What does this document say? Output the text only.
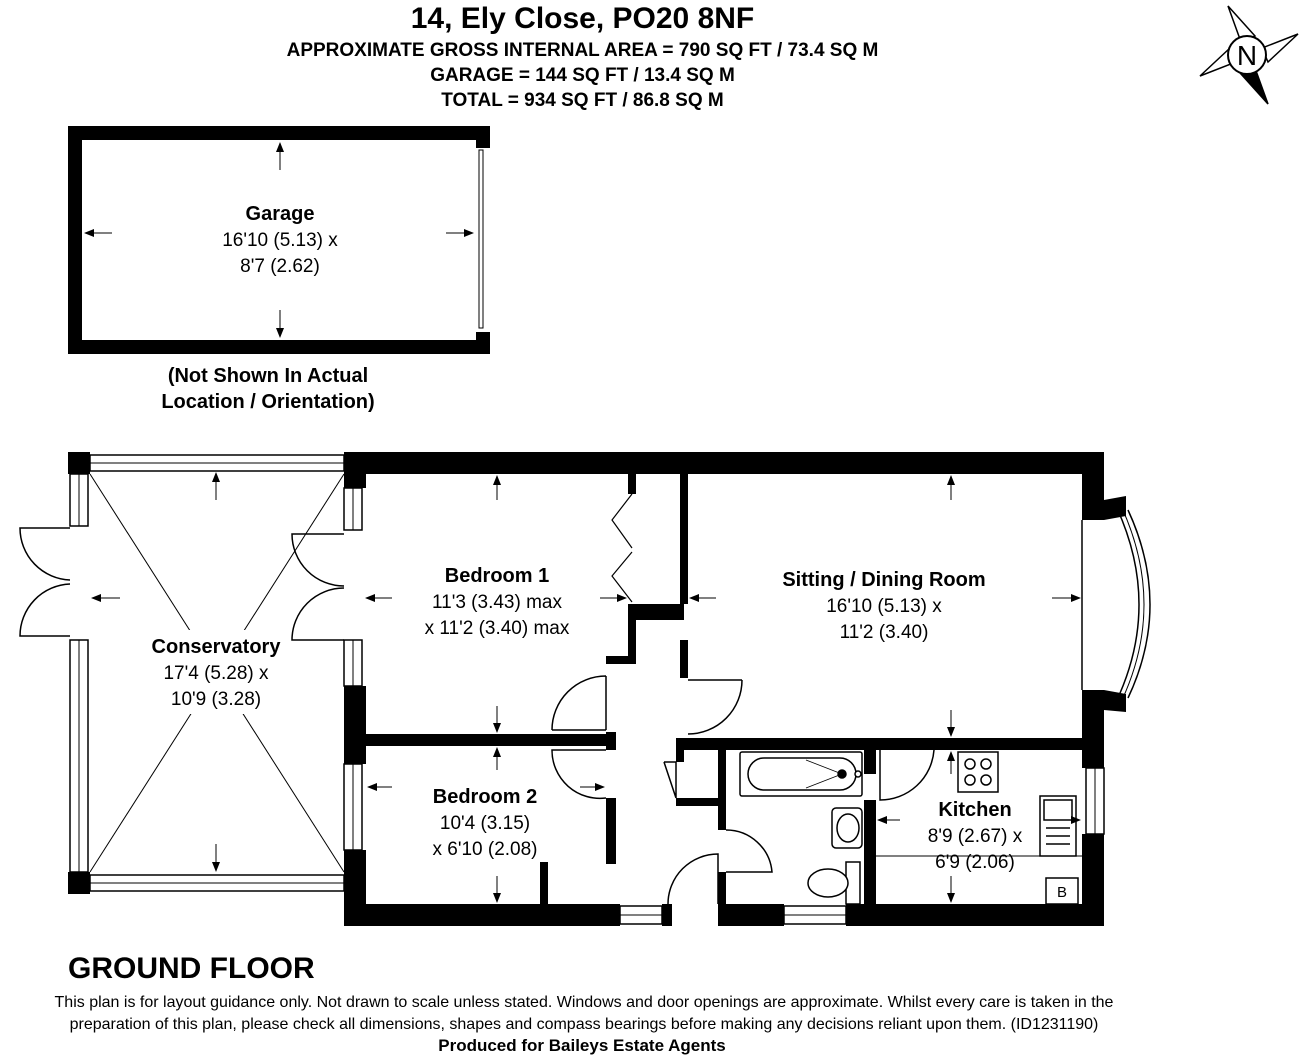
14, Ely Close, PO20 8NF
APPROXIMATE GROSS INTERNAL AREA = 790 SQ FT / 73.4 SQ M
GARAGE = 144 SQ FT / 13.4 SQ M
TOTAL = 934 SQ FT / 86.8 SQ M
N
Garage
16'10 (5.13) x
8'7 (2.62)
Conservatory
17'4 (5.28) x
10'9 (3.28)
B
Bedroom 1
11'3 (3.43) max
x 11'2 (3.40) max
Sitting / Dining Room
16'10 (5.13) x
11'2 (3.40)
Bedroom 2
10'4 (3.15)
x 6'10 (2.08)
Kitchen
8'9 (2.67) x
6'9 (2.06)
(Not Shown In Actual
Location / Orientation)
GROUND FLOOR
This plan is for layout guidance only. Not drawn to scale unless stated. Windows and door openings are approximate. Whilst every care is taken in the
preparation of this plan, please check all dimensions, shapes and compass bearings before making any decisions reliant upon them. (ID1231190)
Produced for Baileys Estate Agents
